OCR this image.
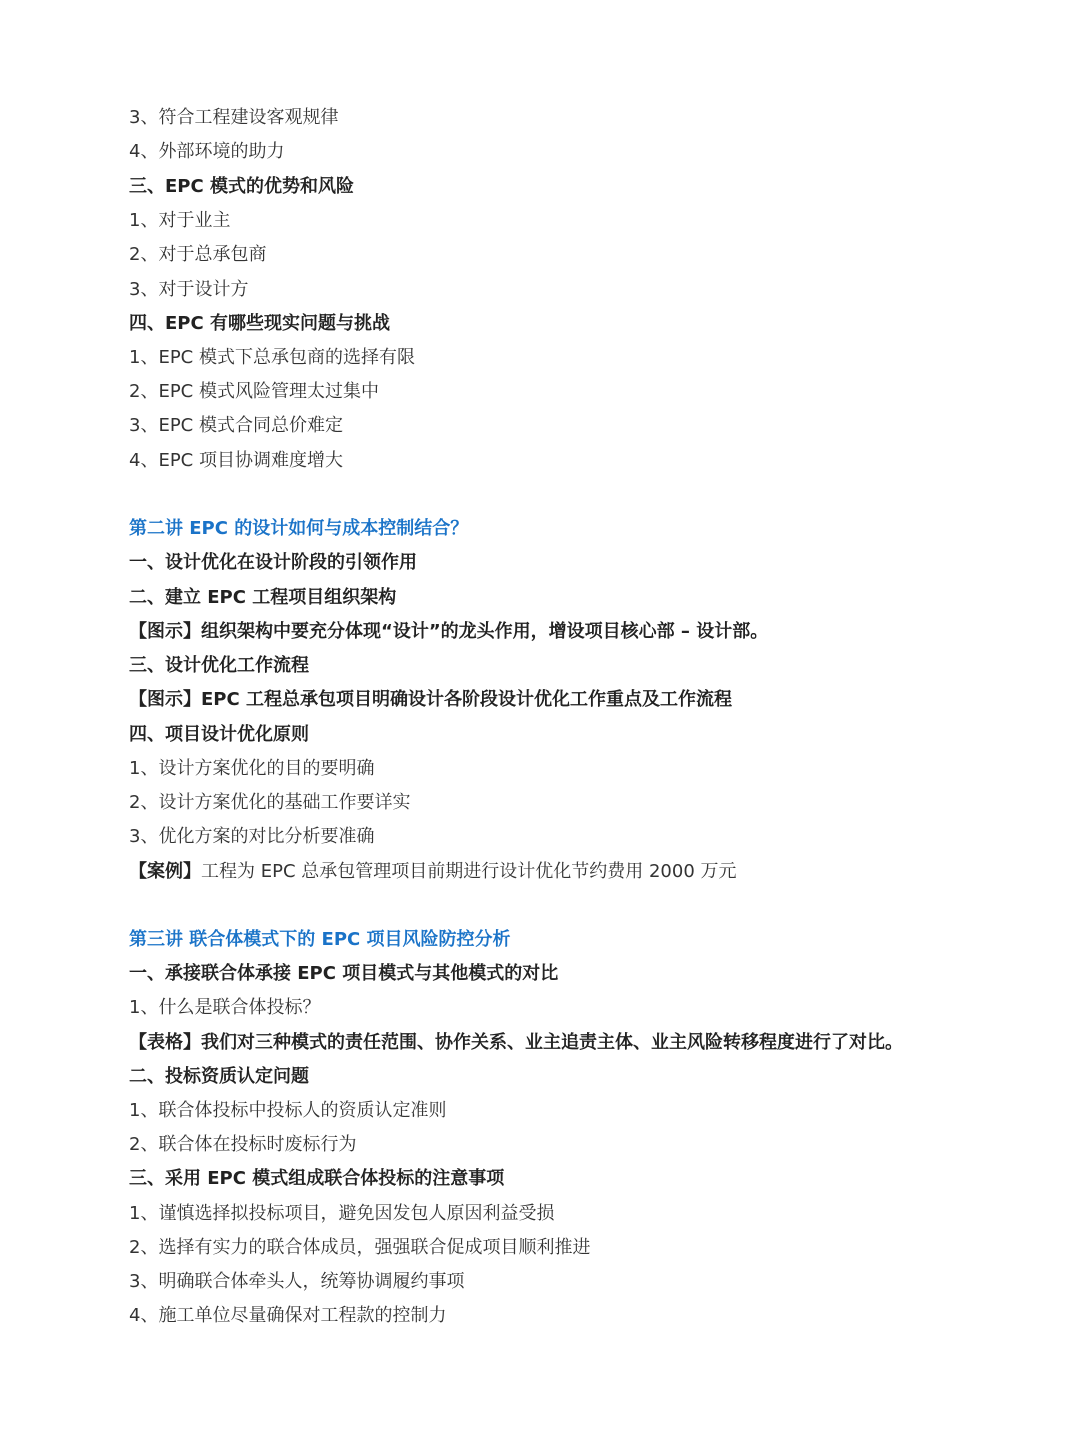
3、符合工程建设客观规律
4、外部环境的助力
三、EPC 模式的优势和风险
1、对于业主
2、对于总承包商
3、对于设计方
四、EPC 有哪些现实问题与挑战
1、EPC 模式下总承包商的选择有限
2、EPC 模式风险管理太过集中
3、EPC 模式合同总价难定
4、EPC 项目协调难度增大
第二讲 EPC 的设计如何与成本控制结合？
一、设计优化在设计阶段的引领作用
二、建立 EPC 工程项目组织架构
【图示】组织架构中要充分体现“设计”的龙头作用，增设项目核心部 – 设计部。
三、设计优化工作流程
【图示】EPC 工程总承包项目明确设计各阶段设计优化工作重点及工作流程
四、项目设计优化原则
1、设计方案优化的目的要明确
2、设计方案优化的基础工作要详实
3、优化方案的对比分析要准确
【案例】工程为 EPC 总承包管理项目前期进行设计优化节约费用 2000 万元
第三讲 联合体模式下的 EPC 项目风险防控分析
一、承接联合体承接 EPC 项目模式与其他模式的对比
1、什么是联合体投标？
【表格】我们对三种模式的责任范围、协作关系、业主追责主体、业主风险转移程度进行了对比。
二、投标资质认定问题
1、联合体投标中投标人的资质认定准则
2、联合体在投标时废标行为
三、采用 EPC 模式组成联合体投标的注意事项
1、谨慎选择拟投标项目，避免因发包人原因利益受损
2、选择有实力的联合体成员，强强联合促成项目顺利推进
3、明确联合体牵头人，统筹协调履约事项
4、施工单位尽量确保对工程款的控制力
